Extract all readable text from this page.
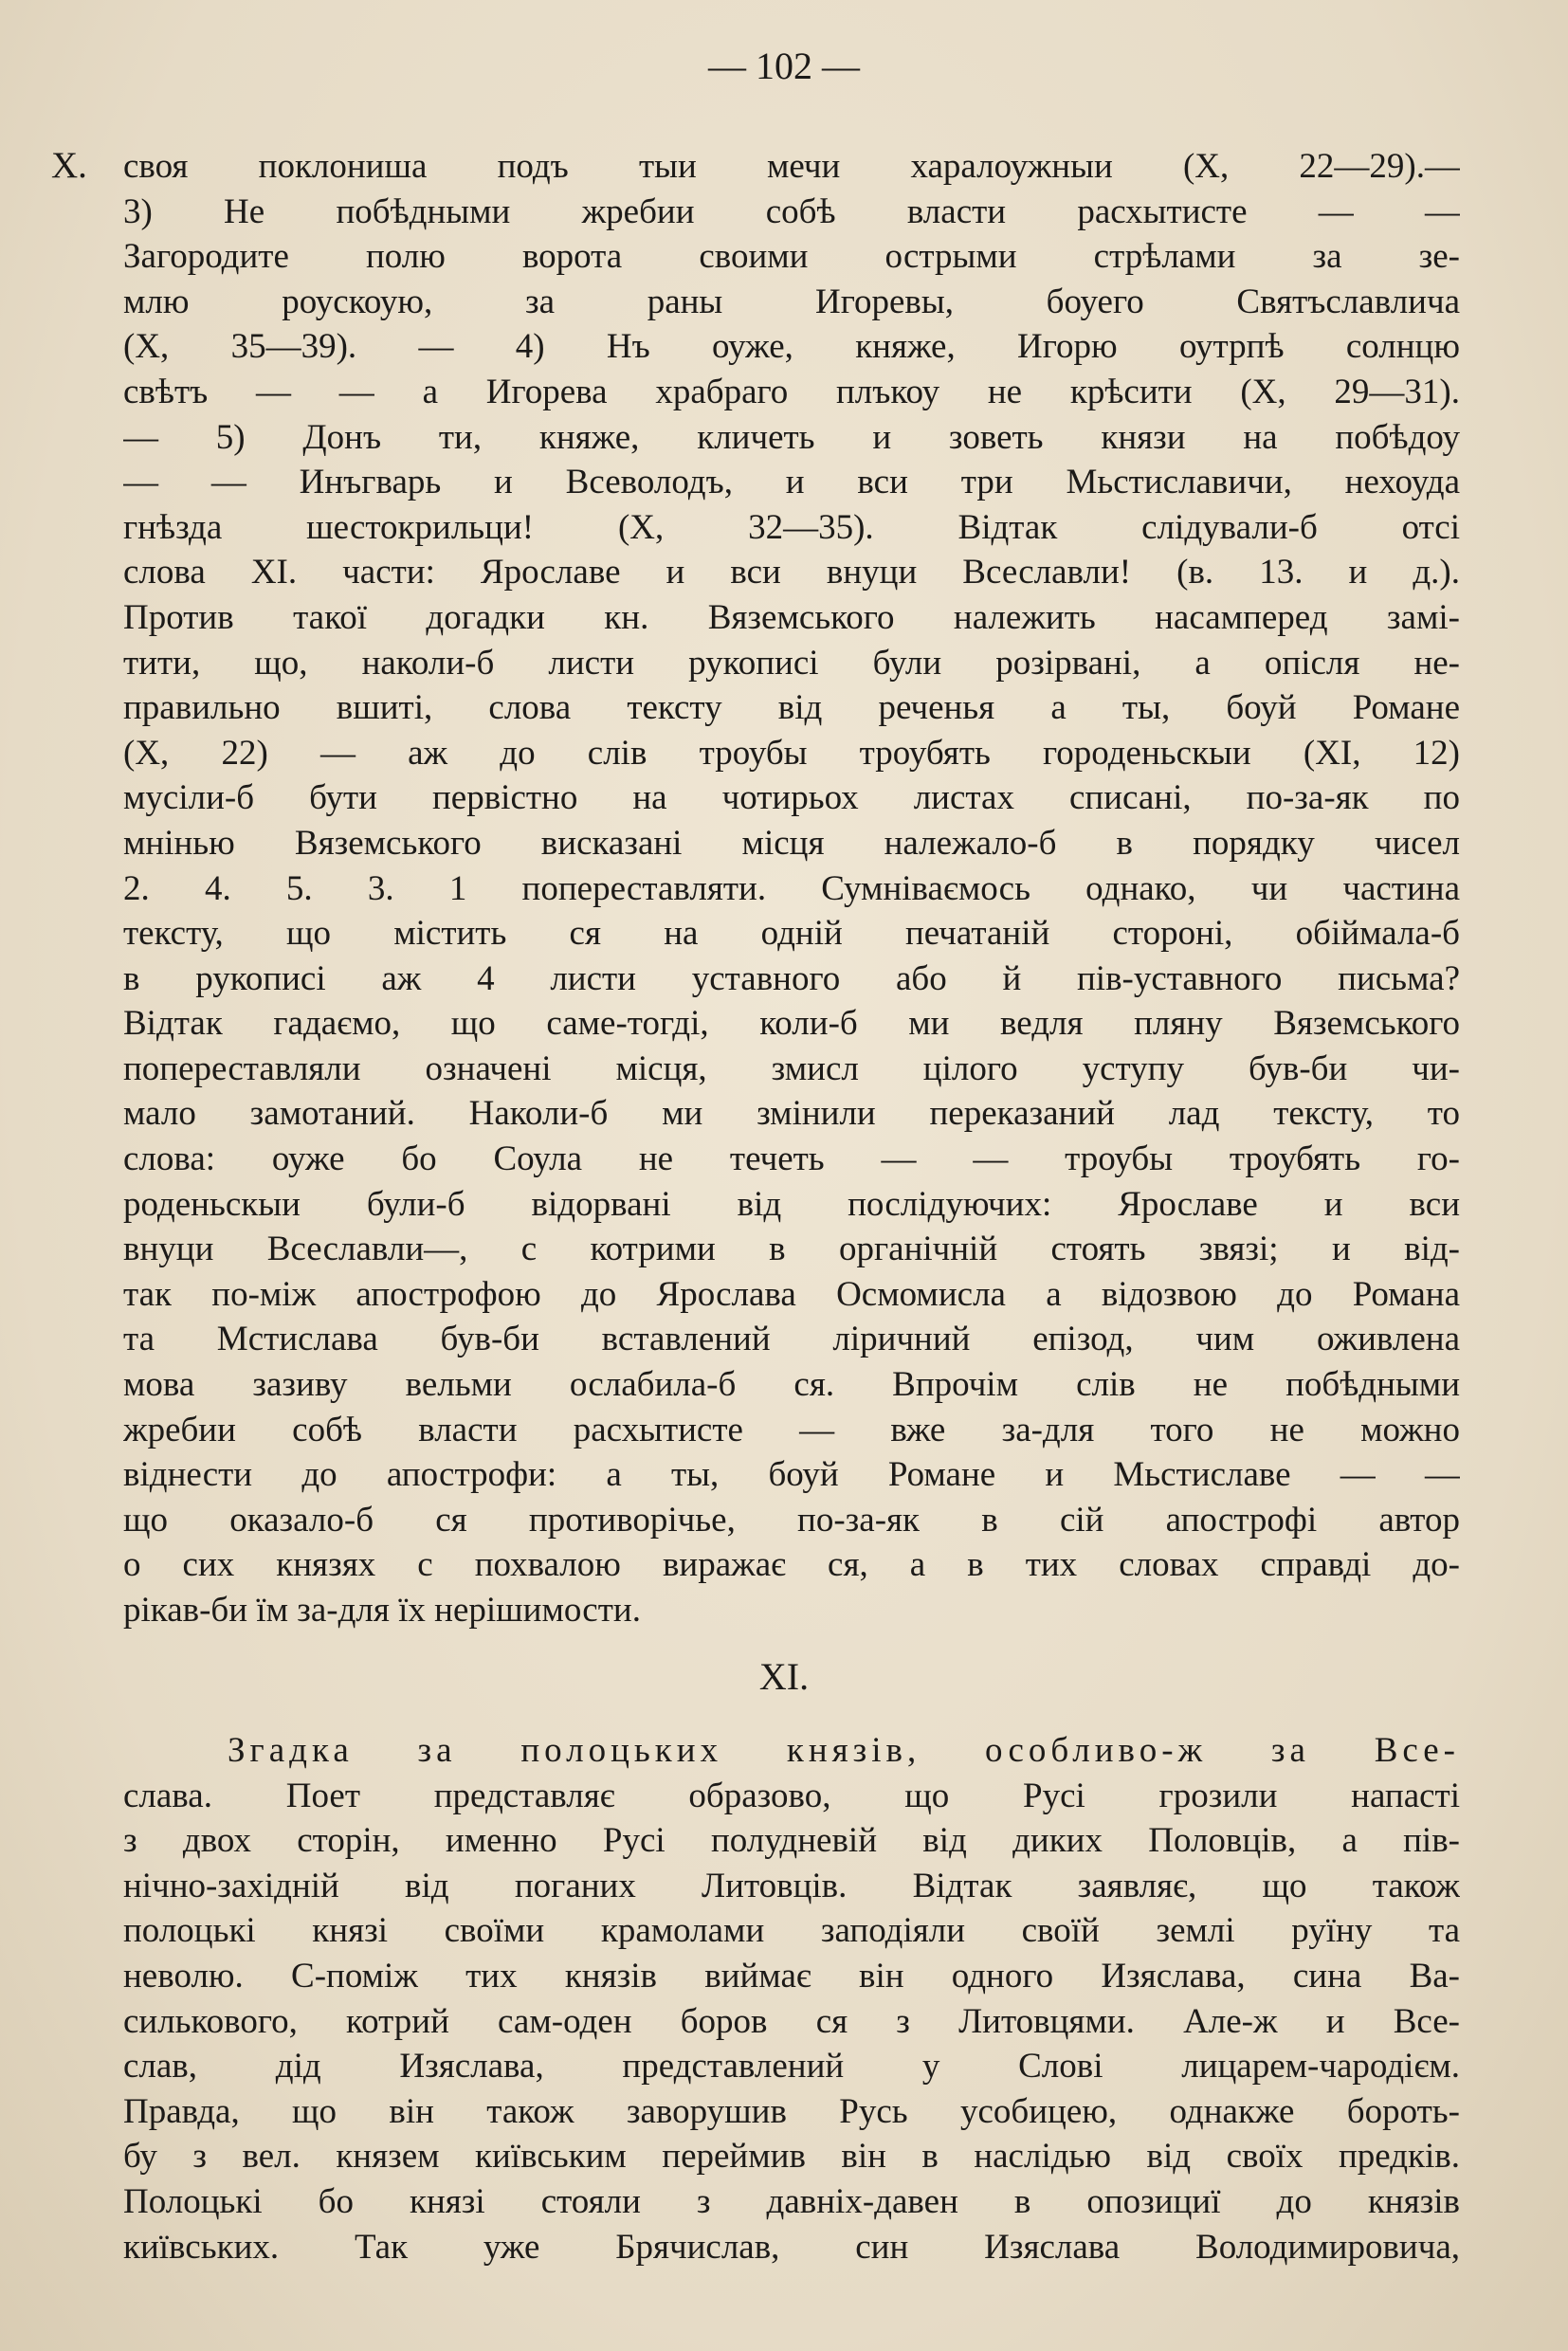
— 102 —
X. своя поклониша подъ тыи мечи харалоужныи (X, 22—29).—
3) Не побѣдными жребии собѣ власти расхытисте — —
Загородите полю ворота своими острыми стрѣлами за зе-
млю роускоую, за раны Игоревы, боуего Святъславлича
(X, 35—39). — 4) Нъ оуже, княже, Игорю оутрпѣ солнцю
свѣтъ — — а Игорева храбраго плъкоу не крѣсити (X, 29—31).
— 5) Донъ ти, княже, кличеть и зоветь князи на побѣдоу
— — Инъгварь и Всеволодъ, и вси три Мьстиславичи, нехоуда
гнѣзда шестокрильци! (X, 32—35). Відтак слідували-б отсі
слова XI. части: Ярославе и вси внуци Всеславли! (в. 13. и д.).
Против такої догадки кн. Вяземського належить насамперед замі-
тити, що, наколи-б листи рукописі були розірвані, а опісля не-
правильно вшиті, слова тексту від реченья а ты, боуй Романе
(X, 22) — аж до слів троубы троубять городеньскыи (XI, 12)
мусіли-б бути первістно на чотирьох листах списані, по-за-як по
мнінью Вяземського висказані місця належало-б в порядку чисел
2. 4. 5. 3. 1 попереставляти. Сумніваємось однако, чи частина
тексту, що містить ся на одній печатаній стороні, обіймала-б
в рукописі аж 4 листи уставного або й пів-уставного письма?
Відтак гадаємо, що саме-тогді, коли-б ми ведля пляну Вяземського
попереставляли означені місця, змисл цілого уступу був-би чи-
мало замотаний. Наколи-б ми змінили переказаний лад тексту, то
слова: оуже бо Соула не течеть — — троубы троубять го-
роденьскыи були-б відорвані від послідуючих: Ярославе и вси
внуци Всеславли—, с котрими в органічній стоять звязі; и від-
так по-між апострофою до Ярослава Осмомисла а відозвою до Романа
та Мстислава був-би вставлений ліричний епізод, чим оживлена
мова зазиву вельми ослабила-б ся. Впрочім слів не побѣдными
жребии собѣ власти расхытисте — вже за-для того не можно
віднести до апострофи: а ты, боуй Романе и Мьстиславе — —
що оказало-б ся противорічье, по-за-як в сій апострофі автор
о сих князях с похвалою виражає ся, а в тих словах справді до-
рікав-би їм за-для їх нерішимости.
XI.
Згадка за полоцьких князів, особливо-ж за Все-
слава. Поет представляє образово, що Русі грозили напасті
з двох сторін, именно Русі полудневій від диких Половців, а пів-
нічно-західній від поганих Литовців. Відтак заявляє, що також
полоцькі князі своїми крамолами заподіяли своїй землі руїну та
неволю. С-поміж тих князів виймає він одного Изяслава, сина Ва-
силькового, котрий сам-оден боров ся з Литовцями. Але-ж и Все-
слав, дід Изяслава, представлений у Слові лицарем-чародієм.
Правда, що він також заворушив Русь усобицею, однакже бороть-
бу з вел. князем київським переймив він в наслідью від своїх предків.
Полоцькі бо князі стояли з давніх-давен в опозициї до князів
київських. Так уже Брячислав, син Изяслава Володимировича,
